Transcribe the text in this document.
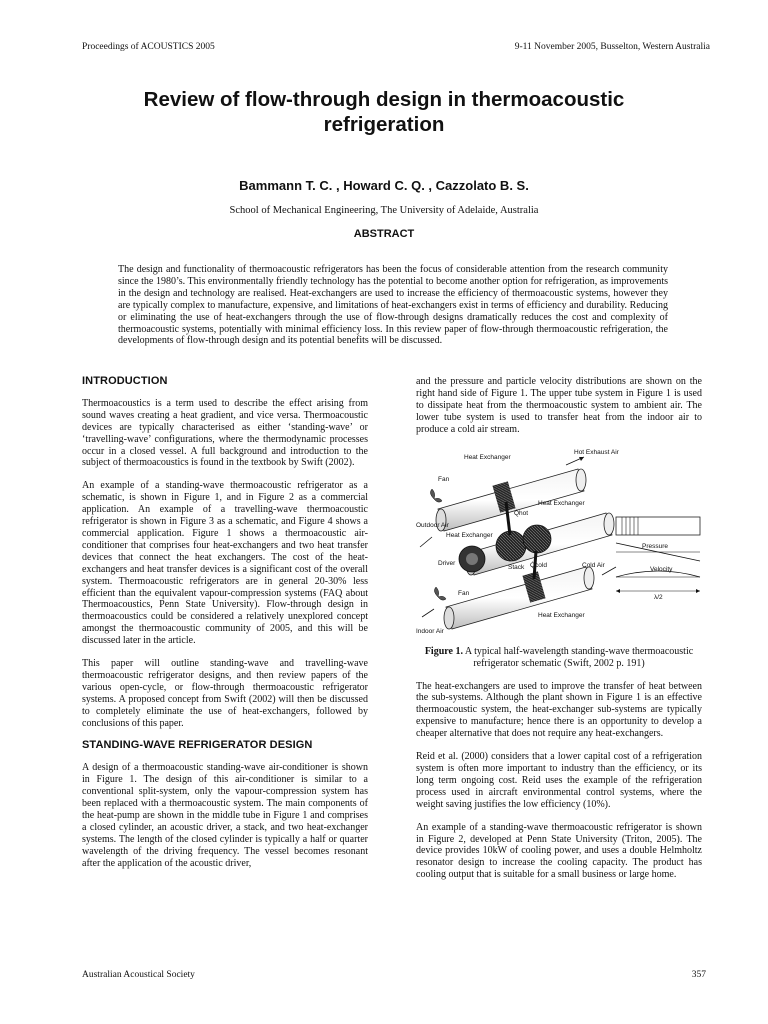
Proceedings of ACOUSTICS 2005	9-11 November 2005, Busselton, Western Australia
Review of flow-through design in thermoacoustic refrigeration
Bammann T. C. , Howard C. Q. , Cazzolato B. S.
School of Mechanical Engineering, The University of Adelaide, Australia
ABSTRACT

The design and functionality of thermoacoustic refrigerators has been the focus of considerable attention from the research community since the 1980’s. This environmentally friendly technology has the potential to become another option for refrigeration, as improvements in the design and technology are realised. Heat-exchangers are used to increase the efficiency of thermoacoustic systems, however they are typically complex to manufacture, expensive, and limitations of heat-exchangers exist in terms of efficiency and durability. Reducing or eliminating the use of heat-exchangers through the use of flow-through designs dramatically reduces the cost and complexity of thermoacoustic systems, potentially with minimal efficiency loss. In this review paper of flow-through thermoacoustic refrigeration, the developments of flow-through design and its potential benefits will be discussed.

INTRODUCTION

Thermoacoustics is a term used to describe the effect arising from sound waves creating a heat gradient, and vice versa. Thermoacoustic devices are typically characterised as either ‘standing-wave’ or ‘travelling-wave’ configurations, where the thermodynamic processes occur in a closed vessel. A full background and introduction to the subject of thermoacoustics is found in the textbook by Swift (2002).

An example of a standing-wave thermoacoustic refrigerator as a schematic, is shown in Figure 1, and in Figure 2 as a commercial application. An example of a travelling-wave thermoacoustic refrigerator is shown in Figure 3 as a schematic, and Figure 4 shows a commercial application. Figure 1 shows a thermoacoustic air-conditioner that comprises four heat-exchangers and two heat transfer devices that connect the heat exchangers. The cost of the heat-exchangers and heat transfer devices is a significant cost of the overall system. Thermoacoustic refrigerators are in general 20-30% less efficient than the equivalent vapour-compression systems (FAQ about Thermoacoustics, Penn State University). Flow-through design in thermoacoustics could be considered a relatively unexplored concept amongst the thermoacoustic community of 2005, and this will be discussed later in the article.

This paper will outline standing-wave and travelling-wave thermoacoustic refrigerator designs, and then review papers of the various open-cycle, or flow-through thermoacoustic refrigerator systems. A proposed concept from Swift (2002) will then be discussed to completely eliminate the use of heat-exchangers, followed by conclusions of this paper.

STANDING-WAVE REFRIGERATOR DESIGN

A design of a thermoacoustic standing-wave air-conditioner is shown in Figure 1. The design of this air-conditioner is similar to a conventional split-system, only the vapour-compression system has been replaced with a thermoacoustic system. The main components of the heat-pump are shown in the middle tube in Figure 1 and comprises a closed cylinder, an acoustic driver, a stack, and two heat-exchanger systems. The length of the closed cylinder is typically a half or quarter wavelength of the driving frequency. The vessel becomes resonant after the application of the acoustic driver,

and the pressure and particle velocity distributions are shown on the right hand side of Figure 1. The upper tube system in Figure 1 is used to dissipate heat from the thermoacoustic system to ambient air. The lower tube system is used to transfer heat from the indoor air to produce a cold air stream.

Heat Exchanger
Hot Exhaust Air
Fan
Q̇hot
Heat Exchanger
Outdoor Air
Heat Exchanger
Driver
Stack Q̇cold	Cold Air
Fan
Heat Exchanger
Indoor Air
Pressure
Velocity
λ/2
Figure 1. A typical half-wavelength standing-wave thermoacoustic refrigerator schematic (Swift, 2002 p. 191)

The heat-exchangers are used to improve the transfer of heat between the sub-systems. Although the plant shown in Figure 1 is an effective thermoacoustic system, the heat-exchanger sub-systems are typically expensive to manufacture; hence there is an opportunity to develop a cheaper alternative that does not require any heat-exchangers.

Reid et al. (2000) considers that a lower capital cost of a refrigeration system is often more important to industry than the efficiency, or its long term ongoing cost. Reid uses the example of the refrigeration process used in aircraft environmental control systems, where the weight saving justifies the low efficiency (10%).

An example of a standing-wave thermoacoustic refrigerator is shown in Figure 2, developed at Penn State University (Triton, 2005). The device provides 10kW of cooling power, and uses a double Helmholtz resonator design to increase the cooling capacity. The product has cooling output that is suitable for a small business or large home.

Australian Acoustical Society	357
